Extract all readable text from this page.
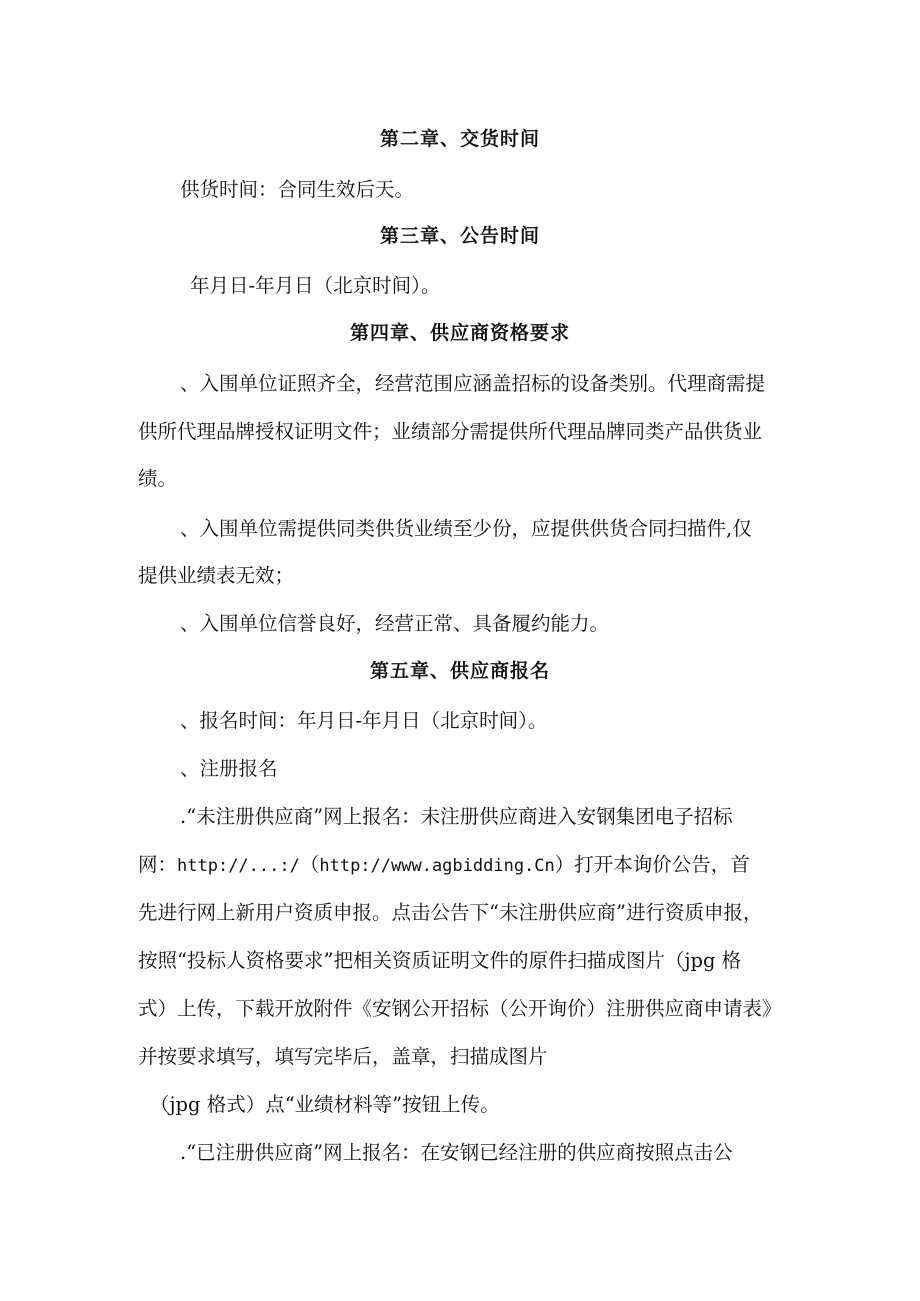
第二章、交货时间
供货时间：合同生效后天。
第三章、公告时间
年月日-年月日（北京时间）。
第四章、供应商资格要求
、入围单位证照齐全，经营范围应涵盖招标的设备类别。代理商需提
供所代理品牌授权证明文件；业绩部分需提供所代理品牌同类产品供货业
绩。
、入围单位需提供同类供货业绩至少份，应提供供货合同扫描件,仅
提供业绩表无效；
、入围单位信誉良好，经营正常、具备履约能力。
第五章、供应商报名
、报名时间：年月日-年月日（北京时间）。
、注册报名
.“未注册供应商”网上报名：未注册供应商进入安钢集团电子招标
网：http://...:/（http://www.agbidding.Cn）打开本询价公告，首
先进行网上新用户资质申报。点击公告下“未注册供应商”进行资质申报，
按照“投标人资格要求”把相关资质证明文件的原件扫描成图片（jpg 格
式）上传，下载开放附件《安钢公开招标（公开询价）注册供应商申请表》
并按要求填写，填写完毕后，盖章，扫描成图片
（jpg 格式）点“业绩材料等”按钮上传。
.“已注册供应商”网上报名：在安钢已经注册的供应商按照点击公
